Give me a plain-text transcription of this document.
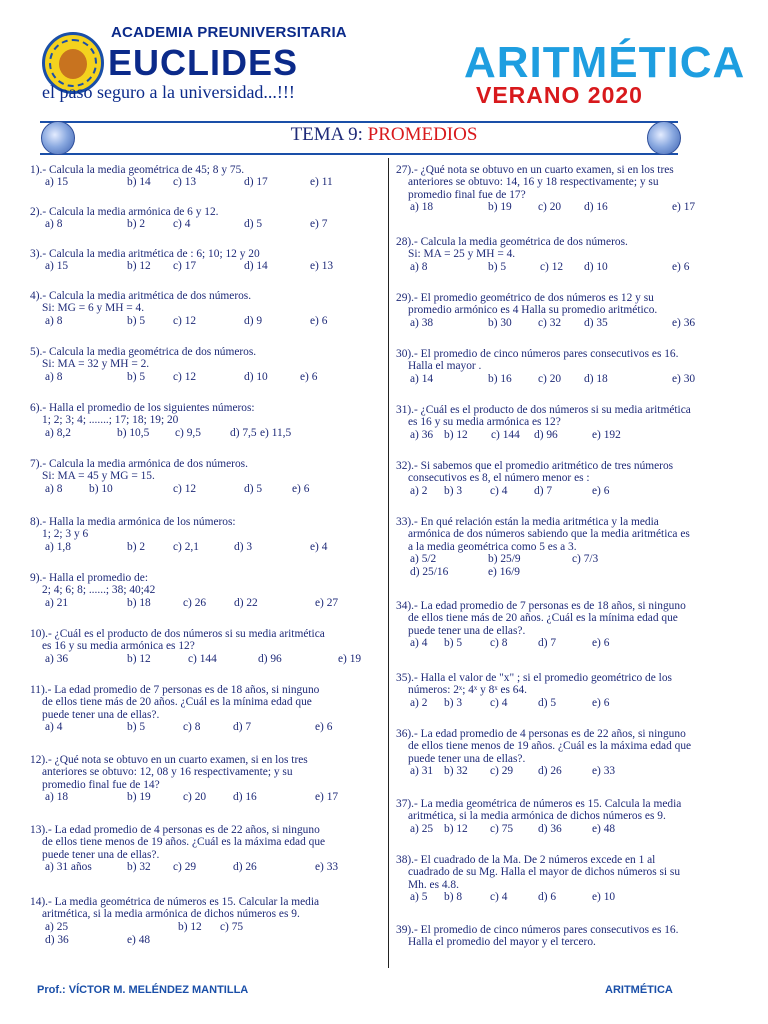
ACADEMIA PREUNIVERSITARIA
EUCLIDES
el paso seguro a la universidad...!!!
ARITMÉTICA
VERANO 2020
TEMA 9: PROMEDIOS
1).- Calcula la media geométrica de 45; 8 y 75.
a) 15	b) 14 c) 13	d) 17	e) 11
2).- Calcula la media armónica de 6 y 12.
a) 8	b) 2 c) 4	d) 5	e) 7
3).- Calcula la media aritmética de : 6; 10; 12 y 20
a) 15	b) 12 c) 17	d) 14	e) 13
4).- Calcula la media aritmética de dos números.
Si: MG = 6 y MH = 4.
a) 8	b) 5 c) 12	d) 9	e) 6
5).- Calcula la media geométrica de dos números.
Si: MA = 32 y MH = 2.
a) 8	b) 5 c) 12	d) 10	e) 6
6).- Halla el promedio de los siguientes números:
1; 2; 3; 4; .......; 17; 18; 19; 20
a) 8,2	b) 10,5 c) 9,5	d) 7,5 e) 11,5
7).- Calcula la media armónica de dos números.
Si: MA = 45 y MG = 15.
a) 8 b) 10	c) 12	d) 5	e) 6
8).- Halla la media armónica de los números:
1; 2; 3 y 6
a) 1,8	b) 2 c) 2,1	d) 3	e) 4
9).- Halla el promedio de:
2; 4; 6; 8; ......; 38; 40;42
a) 21	b) 18	c) 26 d) 22	e) 27
10).- ¿Cuál es el producto de dos números si su media aritmética
es 16 y su media armónica es 12?
a) 36	b) 12	c) 144	d) 96	e) 19
11).- La edad promedio de 7 personas es de 18 años, si ninguno
de ellos tiene más de 20 años. ¿Cuál es la mínima edad que
puede tener una de ellas?.
a) 4	b) 5	c) 8	d) 7	e) 6
12).- ¿Qué nota se obtuvo en un cuarto examen, si en los tres
anteriores se obtuvo: 12, 08 y 16 respectivamente; y su
promedio final fue de 14?
a) 18	b) 19	c) 20 d) 16	e) 17
13).- La edad promedio de 4 personas es de 22 años, si ninguno
de ellos tiene menos de 19 años. ¿Cuál es la máxima edad que
puede tener una de ellas?.
a) 31 años	b) 32 c) 29	d) 26	e) 33
14).- La media geométrica de números es 15. Calcular la media
aritmética, si la media armónica de dichos números es 9.
a) 25	b) 12 c) 75
d) 36	e) 48
27).- ¿Qué nota se obtuvo en un cuarto examen, si en los tres
anteriores se obtuvo: 14, 16 y 18 respectivamente; y su
promedio final fue de 17?
a) 18	b) 19 c) 20 d) 16	e) 17
28).- Calcula la media geométrica de dos números.
Si: MA = 25 y MH = 4.
a) 8	b) 5	c) 12 d) 10	e) 6
29).- El promedio geométrico de dos números es 12 y su
promedio armónico es 4 Halla su promedio aritmético.
a) 38	b) 30 c) 32 d) 35	e) 36
30).- El promedio de cinco números pares consecutivos es 16.
Halla el mayor .
a) 14	b) 16 c) 20 d) 18	e) 30
31).- ¿Cuál es el producto de dos números si su media aritmética
es 16 y su media armónica es 12?
a) 36 b) 12 c) 144 d) 96	e) 192
32).- Si sabemos que el promedio aritmético de tres números
consecutivos es 8, el número menor es :
a) 2 b) 3 c) 4 d) 7	e) 6
33).- En qué relación están la media aritmética y la media
armónica de dos números sabiendo que la media aritmética es
a la media geométrica como 5 es a 3.
a) 5/2	b) 25/9	c) 7/3
d) 25/16	e) 16/9
34).- La edad promedio de 7 personas es de 18 años, si ninguno
de ellos tiene más de 20 años. ¿Cuál es la mínima edad que
puede tener una de ellas?.
a) 4 b) 5 c) 8	d) 7	e) 6
35).- Halla el valor de "x" ; si el promedio geométrico de los
números: 2ˣ; 4ˣ y 8ˣ es 64.
a) 2 b) 3 c) 4	d) 5	e) 6
36).- La edad promedio de 4 personas es de 22 años, si ninguno
de ellos tiene menos de 19 años. ¿Cuál es la máxima edad que
puede tener una de ellas?.
a) 31 b) 32 c) 29 d) 26	e) 33
37).- La media geométrica de números es 15. Calcula la media
aritmética, si la media armónica de dichos números es 9.
a) 25 b) 12 c) 75 d) 36	e) 48
38).- El cuadrado de la Ma. De 2 números excede en 1 al
cuadrado de su Mg. Halla el mayor de dichos números si su
Mh. es 4.8.
a) 5 b) 8 c) 4	d) 6	e) 10
39).- El promedio de cinco números pares consecutivos es 16.
Halla el promedio del mayor y el tercero.
Prof.: VÍCTOR M. MELÉNDEZ MANTILLA	ARITMÉTICA
